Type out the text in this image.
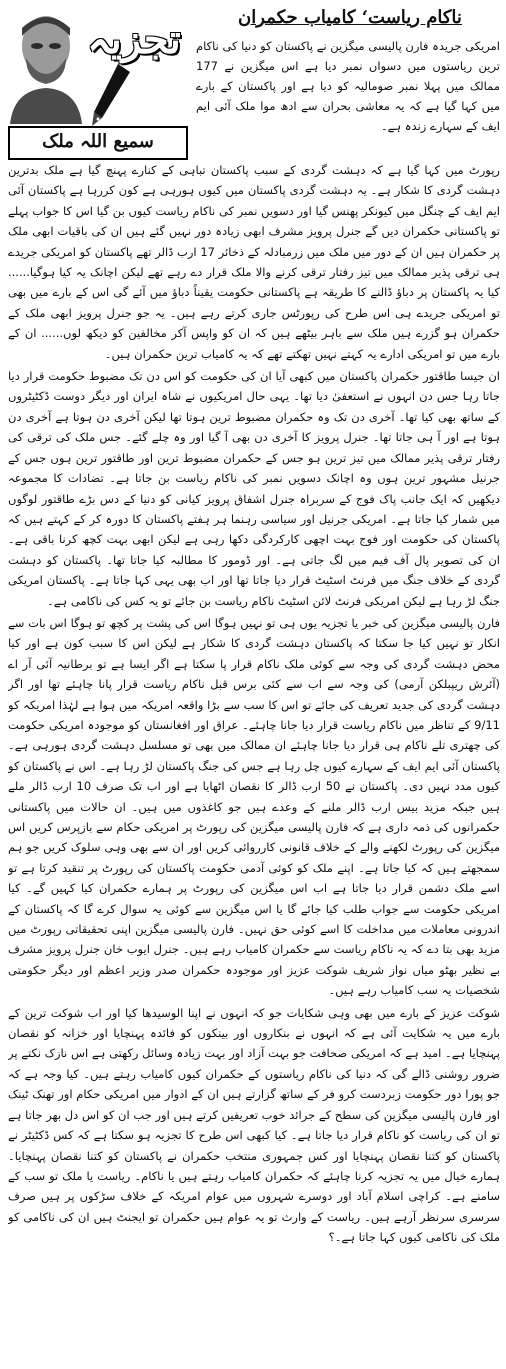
تجزیہ
سمیع اللہ ملک
ناکام ریاست‘ کامیاب حکمران
امریکی جریدہ فارن پالیسی میگزین نے پاکستان کو دنیا کی ناکام ترین ریاستوں میں دسواں نمبر دیا ہے اس میگزین نے 177 ممالک میں پہلا نمبر صومالیہ کو دیا ہے اور پاکستان کے بارے میں کہا گیا ہے کہ یہ معاشی بحران سے ادھ موا ملک آئی ایم ایف کے سہارے زندہ ہے۔

رپورٹ میں کہا گیا ہے کہ دہشت گردی کے سبب پاکستان تباہی کے کنارے پہنچ گیا ہے ملک بدترین دہشت گردی کا شکار ہے۔ یہ دہشت گردی پاکستان میں کیوں ہورہی ہے کون کررہا ہے پاکستان آئی ایم ایف کے چنگل میں کیونکر پھنس گیا اور دسویں نمبر کی ناکام ریاست کیوں بن گیا اس کا جواب پہلے تو پاکستانی حکمران دیں گے جنرل پرویز مشرف ابھی زیادہ دور نہیں گئے ہیں ان کی باقیات ابھی ملک پر حکمران ہیں ان کے دور میں ملک میں زرمبادلہ کے ذخائر 17 ارب ڈالر تھے پاکستان کو امریکی جریدے ہی ترقی پذیر ممالک میں تیز رفتار ترقی کرنے والا ملک قرار دے رہے تھے لیکن اچانک یہ کیا ہوگیا...... کیا یہ پاکستان پر دباؤ ڈالنے کا طریقہ ہے پاکستانی حکومت یقیناً دباؤ میں آئے گی اس کے بارے میں بھی تو امریکی جریدے ہی اس طرح کی رپورٹس جاری کرتے رہے ہیں۔ یہ جو جنرل پرویز ابھی ملک کے حکمران ہو گزرے ہیں ملک سے باہر بیٹھے ہیں کہ ان کو واپس آکر مخالفین کو دیکھ لوں...... ان کے بارے میں تو امریکی ادارے یہ کہتے نہیں تھکتے تھے کہ یہ کامیاب ترین حکمران ہیں۔

ان جیسا طاقتور حکمران پاکستان میں کبھی آیا ان کی حکومت کو اس دن تک مضبوط حکومت قرار دیا جاتا رہا جس دن انہوں نے استعفیٰ دیا تھا۔ یہی حال امریکیوں نے شاہ ایران اور دیگر دوست ڈکٹیٹروں کے ساتھ بھی کیا تھا۔ آخری دن تک وہ حکمران مضبوط ترین ہوتا تھا لیکن آخری دن ہوتا ہے آخری دن ہوتا ہے اور آ ہی جاتا تھا۔ جنرل پرویز کا آخری دن بھی آ گیا اور وہ چلے گئے۔ جس ملک کی ترقی کی رفتار ترقی پذیر ممالک میں تیز ترین ہو جس کے حکمران مضبوط ترین اور طاقتور ترین ہوں جس کے جرنیل مشہور ترین ہوں وہ اچانک دسویں نمبر کی ناکام ریاست بن جاتا ہے۔ تضادات کا مجموعہ دیکھیں کہ ایک جانب پاک فوج کے سربراہ جنرل اشفاق پرویز کیانی کو دنیا کے دس بڑے طاقتور لوگوں میں شمار کیا جاتا ہے۔ امریکی جرنیل اور سیاسی رہنما ہر ہفتے پاکستان کا دورہ کر کے کہتے ہیں کہ پاکستان کی حکومت اور فوج بہت اچھی کارکردگی دکھا رہی ہے لیکن ابھی بہت کچھ کرنا باقی ہے۔ ان کی تصویر پال آف فیم میں لگ جاتی ہے۔ اور ڈومور کا مطالبہ کیا جاتا تھا۔ پاکستان کو دہشت گردی کے خلاف جنگ میں فرنٹ اسٹیٹ قرار دیا جاتا تھا اور اب بھی یہی کہا جاتا ہے۔ پاکستان امریکی جنگ لڑ رہا ہے لیکن امریکی فرنٹ لائن اسٹیٹ ناکام ریاست بن جائے تو یہ کس کی ناکامی ہے۔

فارن پالیسی میگزین کی خبر یا تجزیہ یوں ہی تو نہیں ہوگا اس کی پشت پر کچھ تو ہوگا اس بات سے انکار تو نہیں کیا جا سکتا کہ پاکستان دہشت گردی کا شکار ہے لیکن اس کا سبب کون ہے اور کیا محض دہشت گردی کی وجہ سے کوئی ملک ناکام قرار پا سکتا ہے اگر ایسا ہے تو برطانیہ آئی آر اے (آئرش ریپبلکن آرمی) کی وجہ سے اب سے کئی برس قبل ناکام ریاست قرار پانا چاہئے تھا اور اگر دہشت گردی کی جدید تعریف کی جائے تو اس کا سب سے بڑا واقعہ امریکہ میں ہوا ہے لہٰذا امریکہ کو 9/11 کے تناظر میں ناکام ریاست قرار دیا جانا چاہئے۔ عراق اور افغانستان کو موجودہ امریکی حکومت کی چھتری تلے ناکام ہی قرار دیا جانا چاہئے ان ممالک میں بھی تو مسلسل دہشت گردی ہورہی ہے۔ پاکستان آئی ایم ایف کے سہارے کیوں چل رہا ہے جس کی جنگ پاکستان لڑ رہا ہے۔ اس نے پاکستان کو کیوں مدد نہیں دی۔ پاکستان نے 50 ارب ڈالر کا نقصان اٹھایا ہے اور اب تک صرف 10 ارب ڈالر ملے ہیں جبکہ مزید بیس ارب ڈالر ملنے کے وعدے ہیں جو کاغذوں میں ہیں۔ ان حالات میں پاکستانی حکمرانوں کی ذمہ داری ہے کہ فارن پالیسی میگزین کی رپورٹ پر امریکی حکام سے بازپرس کریں اس میگزین کی رپورٹ لکھنے والے کے خلاف قانونی کارروائی کریں اور ان سے بھی وہی سلوک کریں جو ہم سمجھتے ہیں کہ کیا جاتا ہے۔ اپنے ملک کو کوئی آدمی حکومت پاکستان کی رپورٹ پر تنقید کرتا ہے تو اسے ملک دشمن قرار دیا جاتا ہے اب اس میگزین کی رپورٹ پر ہمارے حکمران کیا کہیں گے۔ کیا امریکی حکومت سے جواب طلب کیا جائے گا یا اس میگزین سے کوئی یہ سوال کرے گا کہ پاکستان کے اندرونی معاملات میں مداخلت کا اسے کوئی حق نہیں۔ فارن پالیسی میگزین اپنی تحقیقاتی رپورٹ میں مزید بھی بتا دے کہ یہ ناکام ریاست سے حکمران کامیاب رہے ہیں۔ جنرل ایوب خان جنرل پرویز مشرف بے نظیر بھٹو میاں نواز شریف شوکت عزیز اور موجودہ حکمران صدر وزیر اعظم اور دیگر حکومتی شخصیات یہ سب کامیاب رہے ہیں۔

شوکت عزیز کے بارے میں بھی وہی شکایات جو کہ انہوں نے اپنا الوسیدھا کیا اور اب شوکت ترین کے بارے میں یہ شکایت آئی ہے کہ انہوں نے بنکاروں اور بینکوں کو فائدہ پہنچایا اور خزانہ کو نقصان پہنچایا ہے۔ امید ہے کہ امریکی صحافت جو بہت آزاد اور بہت زیادہ وسائل رکھتی ہے اس نازک نکتے پر ضرور روشنی ڈالے گی کہ دنیا کی ناکام ریاستوں کے حکمران کیوں کامیاب رہتے ہیں۔ کیا وجہ ہے کہ جو پورا دور حکومت زبردست کرو فر کے ساتھ گزارتے ہیں ان کے ادوار میں امریکی حکام اور تھنک ٹینک اور فارن پالیسی میگزین کی سطح کے جرائد خوب تعریفیں کرتے ہیں اور جب ان کو اس دل بھر جاتا ہے تو ان کی ریاست کو ناکام قرار دیا جاتا ہے۔ کیا کبھی اس طرح کا تجزیہ ہو سکتا ہے کہ کس ڈکٹیٹر نے پاکستان کو کتنا نقصان پہنچایا اور کس جمہوری منتخب حکمران نے پاکستان کو کتنا نقصان پہنچایا۔ ہمارے خیال میں یہ تجزیہ کرنا چاہئے کہ حکمران کامیاب رہتے ہیں یا ناکام۔ ریاست یا ملک تو سب کے سامنے ہے۔ کراچی اسلام آباد اور دوسرے شہروں میں عوام امریکہ کے خلاف سڑکوں پر ہیں صرف سرسری سرنظر آرہے ہیں۔ ریاست کے وارث تو یہ عوام ہیں حکمران تو ایجنٹ ہیں ان کی ناکامی کو ملک کی ناکامی کیوں کہا جاتا ہے۔؟
